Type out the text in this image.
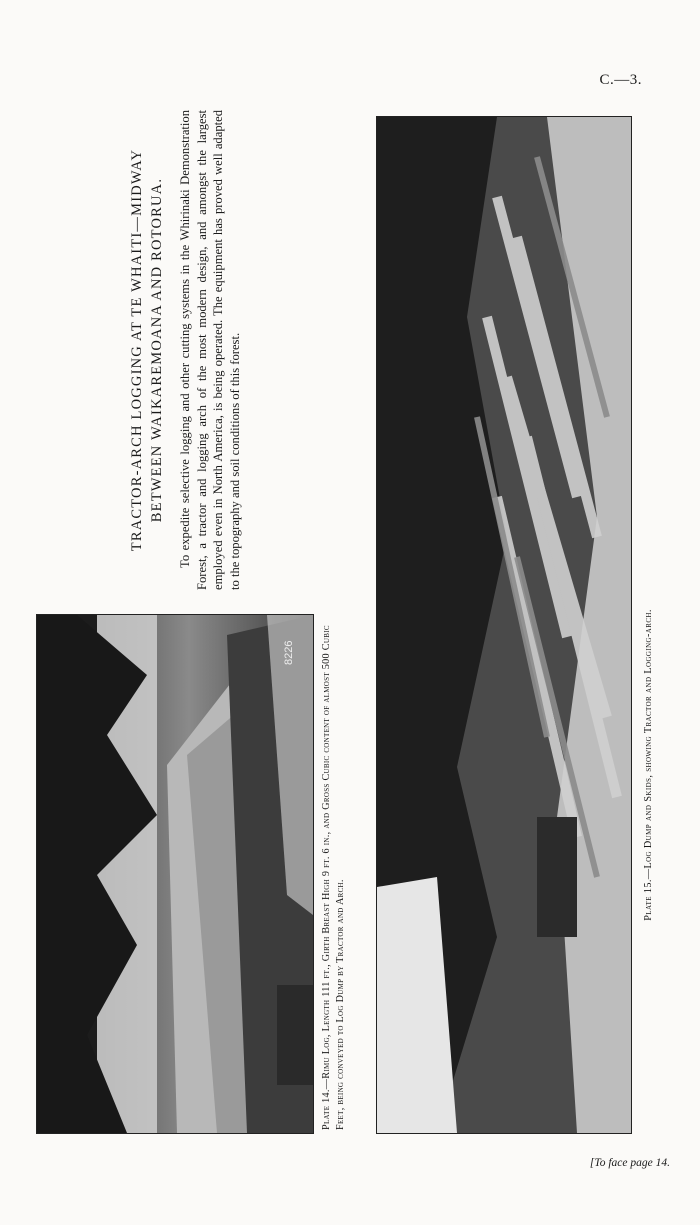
C.—3.
TRACTOR-ARCH LOGGING AT TE WHAITI—MIDWAY BETWEEN WAIKAREMOANA AND ROTORUA. To expedite selective logging and other cutting systems in the Whirinaki Demonstration Forest, a tractor and logging arch of the most modern design, and amongst the largest employed even in North America, is being operated. The equipment has proved well adapted to the topography and soil conditions of this forest.

8226	Plate 14.—Rimu Log, Length 111 ft., Girth Breast High 9 ft. 6 in., and Gross Cubic content of almost 500 Cubic Feet, being conveyed to Log Dump by Tractor and Arch.
Plate 15.—Log Dump and Skids, showing Tractor and Logging-arch.
[To face page 14.
